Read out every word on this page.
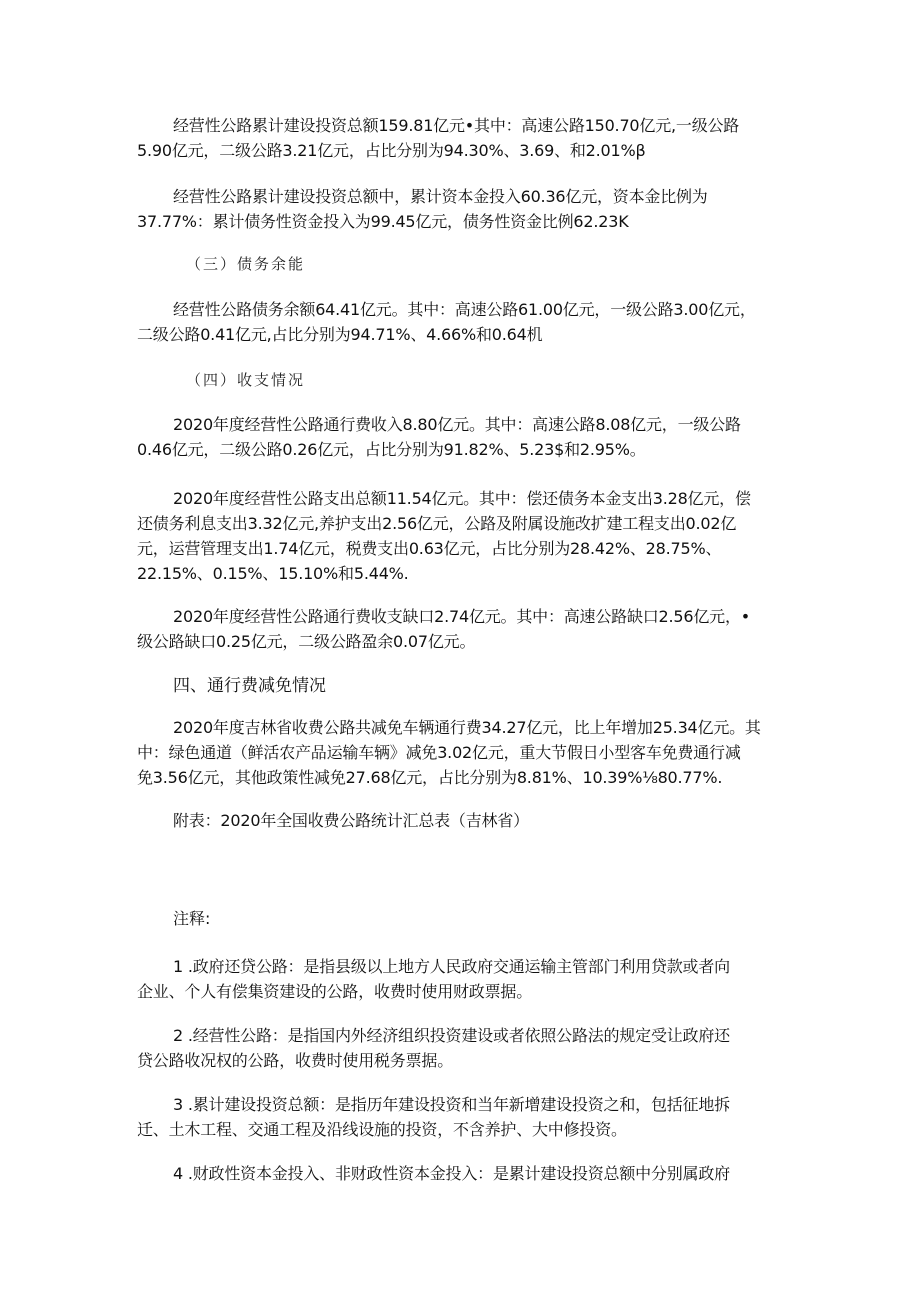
经营性公路累计建设投资总额159.81亿元•其中：高速公路150.70亿元,一级公路
5.90亿元，二级公路3.21亿元，占比分别为94.30%、3.69、和2.01%β

经营性公路累计建设投资总额中，累计资本金投入60.36亿元，资本金比例为
37.77%：累计债务性资金投入为99.45亿元，债务性资金比例62.23K

（三）债务余能

经营性公路债务余额64.41亿元。其中：高速公路61.00亿元，一级公路3.00亿元，
二级公路0.41亿元,占比分别为94.71%、4.66%和0.64机

（四）收支情况

2020年度经营性公路通行费收入8.80亿元。其中：高速公路8.08亿元，一级公路
0.46亿元，二级公路0.26亿元，占比分别为91.82%、5.23$和2.95%。

2020年度经营性公路支出总额11.54亿元。其中：偿还债务本金支出3.28亿元，偿
还债务利息支出3.32亿元,养护支出2.56亿元，公路及附属设施改扩建工程支出0.02亿
元，运营管理支出1.74亿元，税费支出0.63亿元，占比分别为28.42%、28.75%、
22.15%、0.15%、15.10%和5.44%.

2020年度经营性公路通行费收支缺口2.74亿元。其中：高速公路缺口2.56亿元，•
级公路缺口0.25亿元，二级公路盈余0.07亿元。

四、通行费减免情况

2020年度吉林省收费公路共减免车辆通行费34.27亿元，比上年增加25.34亿元。其
中：绿色通道（鲜活农产品运输车辆》减免3.02亿元，重大节假日小型客车免费通行减
免3.56亿元，其他政策性减免27.68亿元，占比分别为8.81%、10.39%⅛80.77%.

附表：2020年全国收费公路统计汇总表（吉林省）

注释:

1 .政府还贷公路：是指县级以上地方人民政府交通运输主管部门利用贷款或者向
企业、个人有偿集资建设的公路，收费时使用财政票据。

2 .经营性公路：是指国内外经济组织投资建设或者依照公路法的规定受让政府还
贷公路收况权的公路，收费时使用税务票据。

3 .累计建设投资总额：是指历年建设投资和当年新增建设投资之和，包括征地拆
迁、土木工程、交通工程及沿线设施的投资，不含养护、大中修投资。

4 .财政性资本金投入、非财政性资本金投入：是累计建设投资总额中分别属政府
